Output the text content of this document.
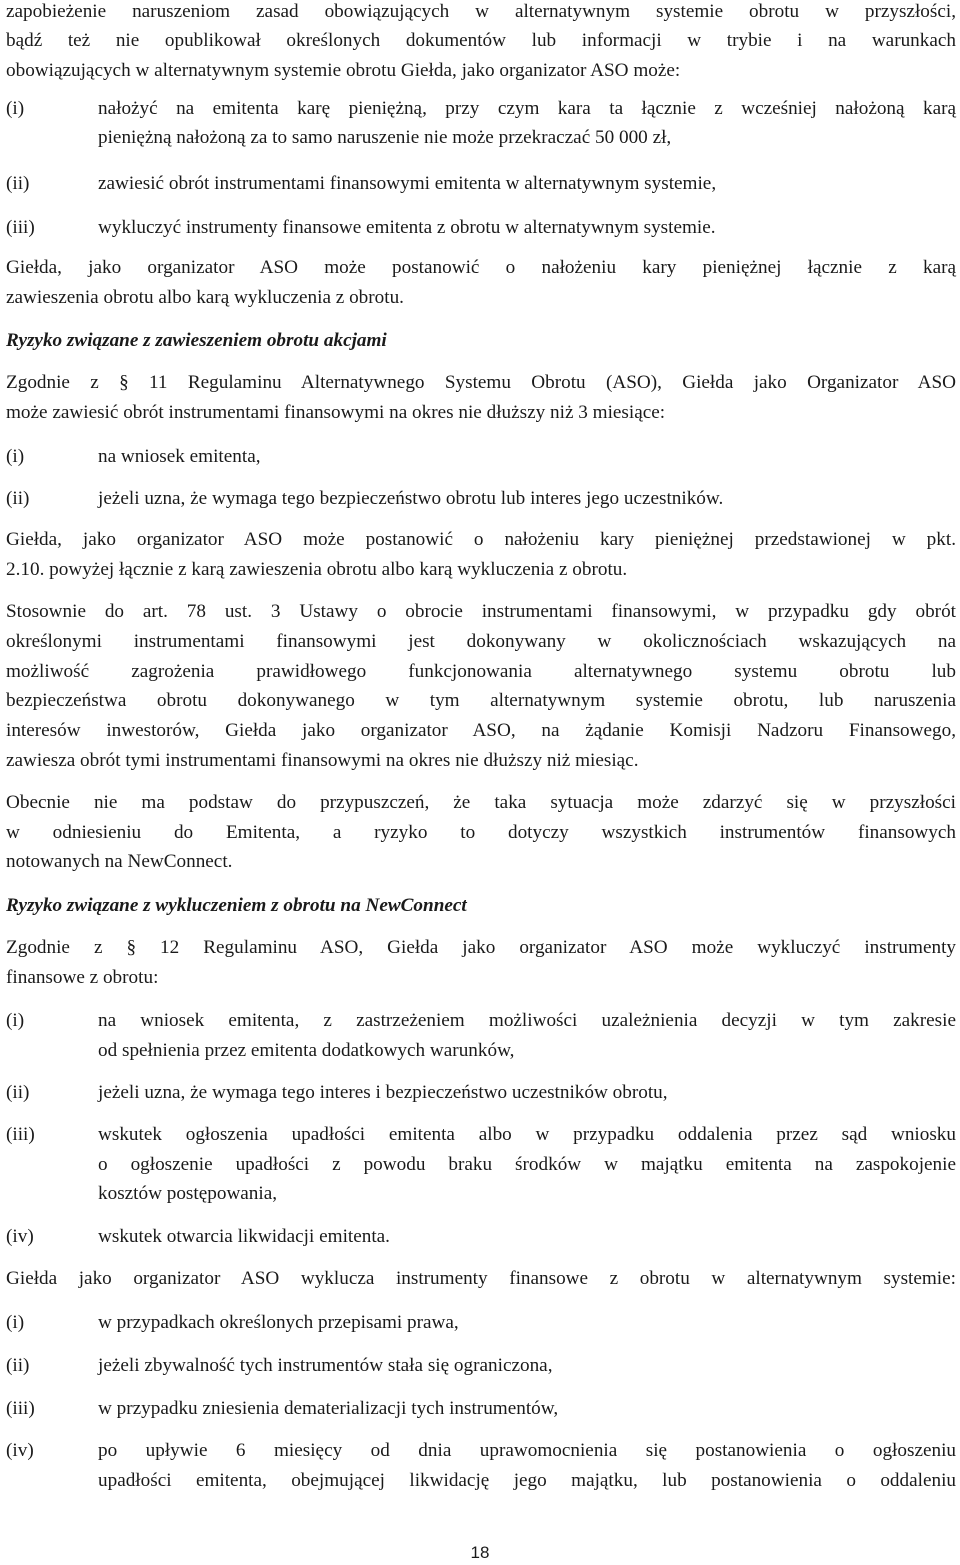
zapobieżenie naruszeniom zasad obowiązujących w alternatywnym systemie obrotu w przyszłości,
bądź też nie opublikował określonych dokumentów lub informacji w trybie i na warunkach
obowiązujących w alternatywnym systemie obrotu Giełda, jako organizator ASO może:
(i)	nałożyć na emitenta karę pieniężną, przy czym kara ta łącznie z wcześniej nałożoną karą
pieniężną nałożoną za to samo naruszenie nie może przekraczać 50 000 zł,
(ii)	zawiesić obrót instrumentami finansowymi emitenta w alternatywnym systemie,
(iii)	wykluczyć instrumenty finansowe emitenta z obrotu w alternatywnym systemie.
Giełda, jako organizator ASO może postanowić o nałożeniu kary pieniężnej łącznie z karą
zawieszenia obrotu albo karą wykluczenia z obrotu.
Ryzyko związane z zawieszeniem obrotu akcjami
Zgodnie z § 11 Regulaminu Alternatywnego Systemu Obrotu (ASO), Giełda jako Organizator ASO
może zawiesić obrót instrumentami finansowymi na okres nie dłuższy niż 3 miesiące:
(i)	na wniosek emitenta,
(ii)	jeżeli uzna, że wymaga tego bezpieczeństwo obrotu lub interes jego uczestników.
Giełda, jako organizator ASO może postanowić o nałożeniu kary pieniężnej przedstawionej w pkt.
2.10. powyżej łącznie z karą zawieszenia obrotu albo karą wykluczenia z obrotu.
Stosownie do art. 78 ust. 3 Ustawy o obrocie instrumentami finansowymi, w przypadku gdy obrót
określonymi instrumentami finansowymi jest dokonywany w okolicznościach wskazujących na
możliwość zagrożenia prawidłowego funkcjonowania alternatywnego systemu obrotu lub
bezpieczeństwa obrotu dokonywanego w tym alternatywnym systemie obrotu, lub naruszenia
interesów inwestorów, Giełda jako organizator ASO, na żądanie Komisji Nadzoru Finansowego,
zawiesza obrót tymi instrumentami finansowymi na okres nie dłuższy niż miesiąc.
Obecnie nie ma podstaw do przypuszczeń, że taka sytuacja może zdarzyć się w przyszłości
w odniesieniu do Emitenta, a ryzyko to dotyczy wszystkich instrumentów finansowych
notowanych na NewConnect.
Ryzyko związane z wykluczeniem z obrotu na NewConnect
Zgodnie z § 12 Regulaminu ASO, Giełda jako organizator ASO może wykluczyć instrumenty
finansowe z obrotu:
(i)	na wniosek emitenta, z zastrzeżeniem możliwości uzależnienia decyzji w tym zakresie
od spełnienia przez emitenta dodatkowych warunków,
(ii)	jeżeli uzna, że wymaga tego interes i bezpieczeństwo uczestników obrotu,
(iii)	wskutek ogłoszenia upadłości emitenta albo w przypadku oddalenia przez sąd wniosku
o ogłoszenie upadłości z powodu braku środków w majątku emitenta na zaspokojenie
kosztów postępowania,
(iv)	wskutek otwarcia likwidacji emitenta.
Giełda jako organizator ASO wyklucza instrumenty finansowe z obrotu w alternatywnym systemie:
(i)	w przypadkach określonych przepisami prawa,
(ii)	jeżeli zbywalność tych instrumentów stała się ograniczona,
(iii)	w przypadku zniesienia dematerializacji tych instrumentów,
(iv)	po upływie 6 miesięcy od dnia uprawomocnienia się postanowienia o ogłoszeniu
upadłości emitenta, obejmującej likwidację jego majątku, lub postanowienia o oddaleniu
18
